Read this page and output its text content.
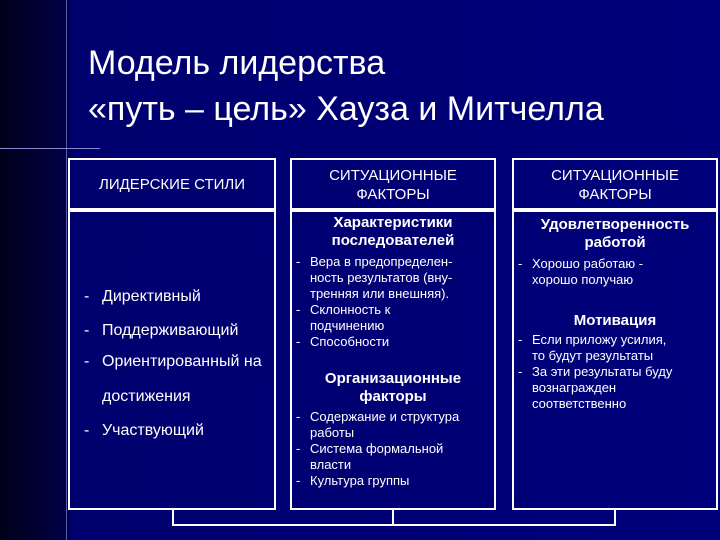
Модель лидерства
«путь – цель» Хауза и Митчелла
ЛИДЕРСКИЕ СТИЛИ
- Директивный
- Поддерживающий
- Ориентированный на
достижения
- Участвующий
СИТУАЦИОННЫЕ
ФАКТОРЫ
Характеристики
последователей
- Вера в предопределен-
ность результатов (вну-
тренняя или внешняя).
- Склонность к
подчинению
- Способности
Организационные
факторы
- Содержание и структура
работы
- Система формальной
власти
- Культура группы
СИТУАЦИОННЫЕ
ФАКТОРЫ
Удовлетворенность
работой
- Хорошо работаю -
хорошо получаю
Мотивация
- Если приложу усилия,
то будут результаты
- За эти результаты буду
вознагражден
соответственно
